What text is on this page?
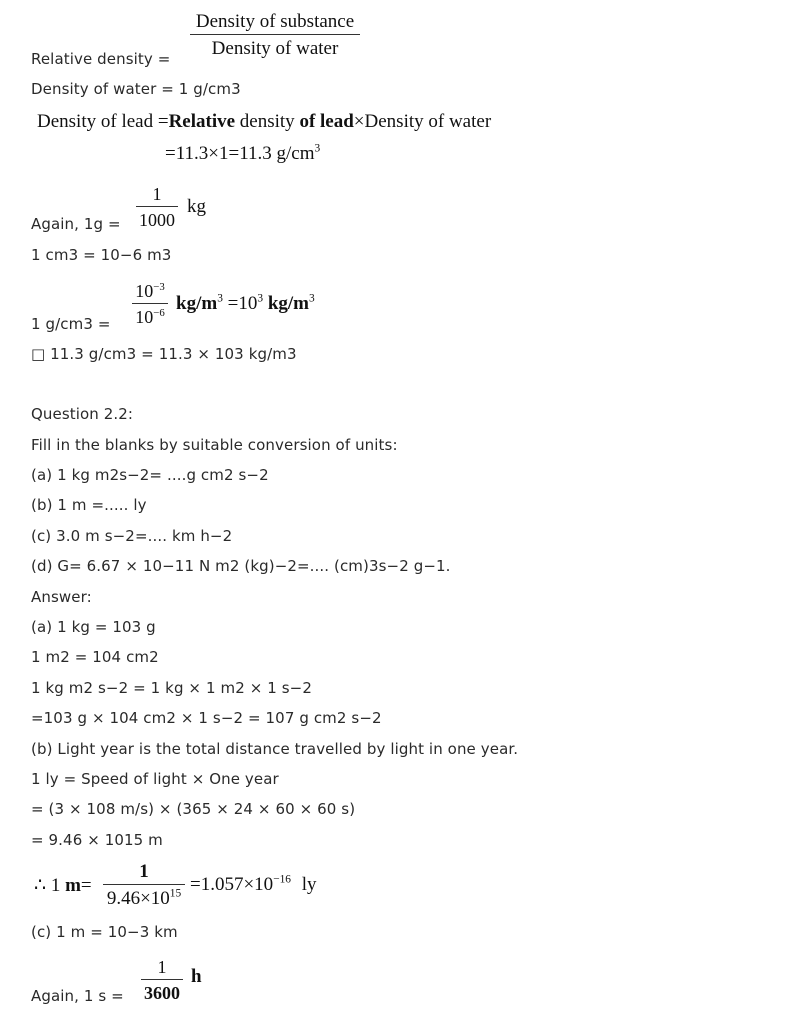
Density of substance
Density of water
Relative density =
Density of water = 1 g/cm3
Density of lead =Relative density of lead×Density of water
=11.3×1=11.3 $g/cm^3$
1
1000
kg
Again, 1g =
1 cm3 = 10−6 m3
$10^{-3}$
$10^{-6}$ $kg/m^3 =10^3$ $kg/m^3$
1 g/cm3 =
□ 11.3 g/cm3 = 11.3 × 103 kg/m3
Question 2.2:
Fill in the blanks by suitable conversion of units:
(a) 1 kg m2s−2= ....g cm2 s−2
(b) 1 m =..... ly
(c) 3.0 m s−2=.... km h−2
(d) G= 6.67 × 10−11 N m2 (kg)−2=.... (cm)3s−2 g−1.
Answer:
(a) 1 kg = 103 g
1 m2 = 104 cm2
1 kg m2 s−2 = 1 kg × 1 m2 × 1 s−2
=103 g × 104 cm2 × 1 s−2 = 107 g cm2 s−2
(b) Light year is the total distance travelled by light in one year.
1 ly = Speed of light × One year
= (3 × 108 m/s) × (365 × 24 × 60 × 60 s)
= 9.46 × 1015 m
∴ 1 m=
1
$9.46\times 10^{15} =1.057\times 10^{-16}$ ly
(c) 1 m = 10−3 km
1
3600
h
Again, 1 s =
